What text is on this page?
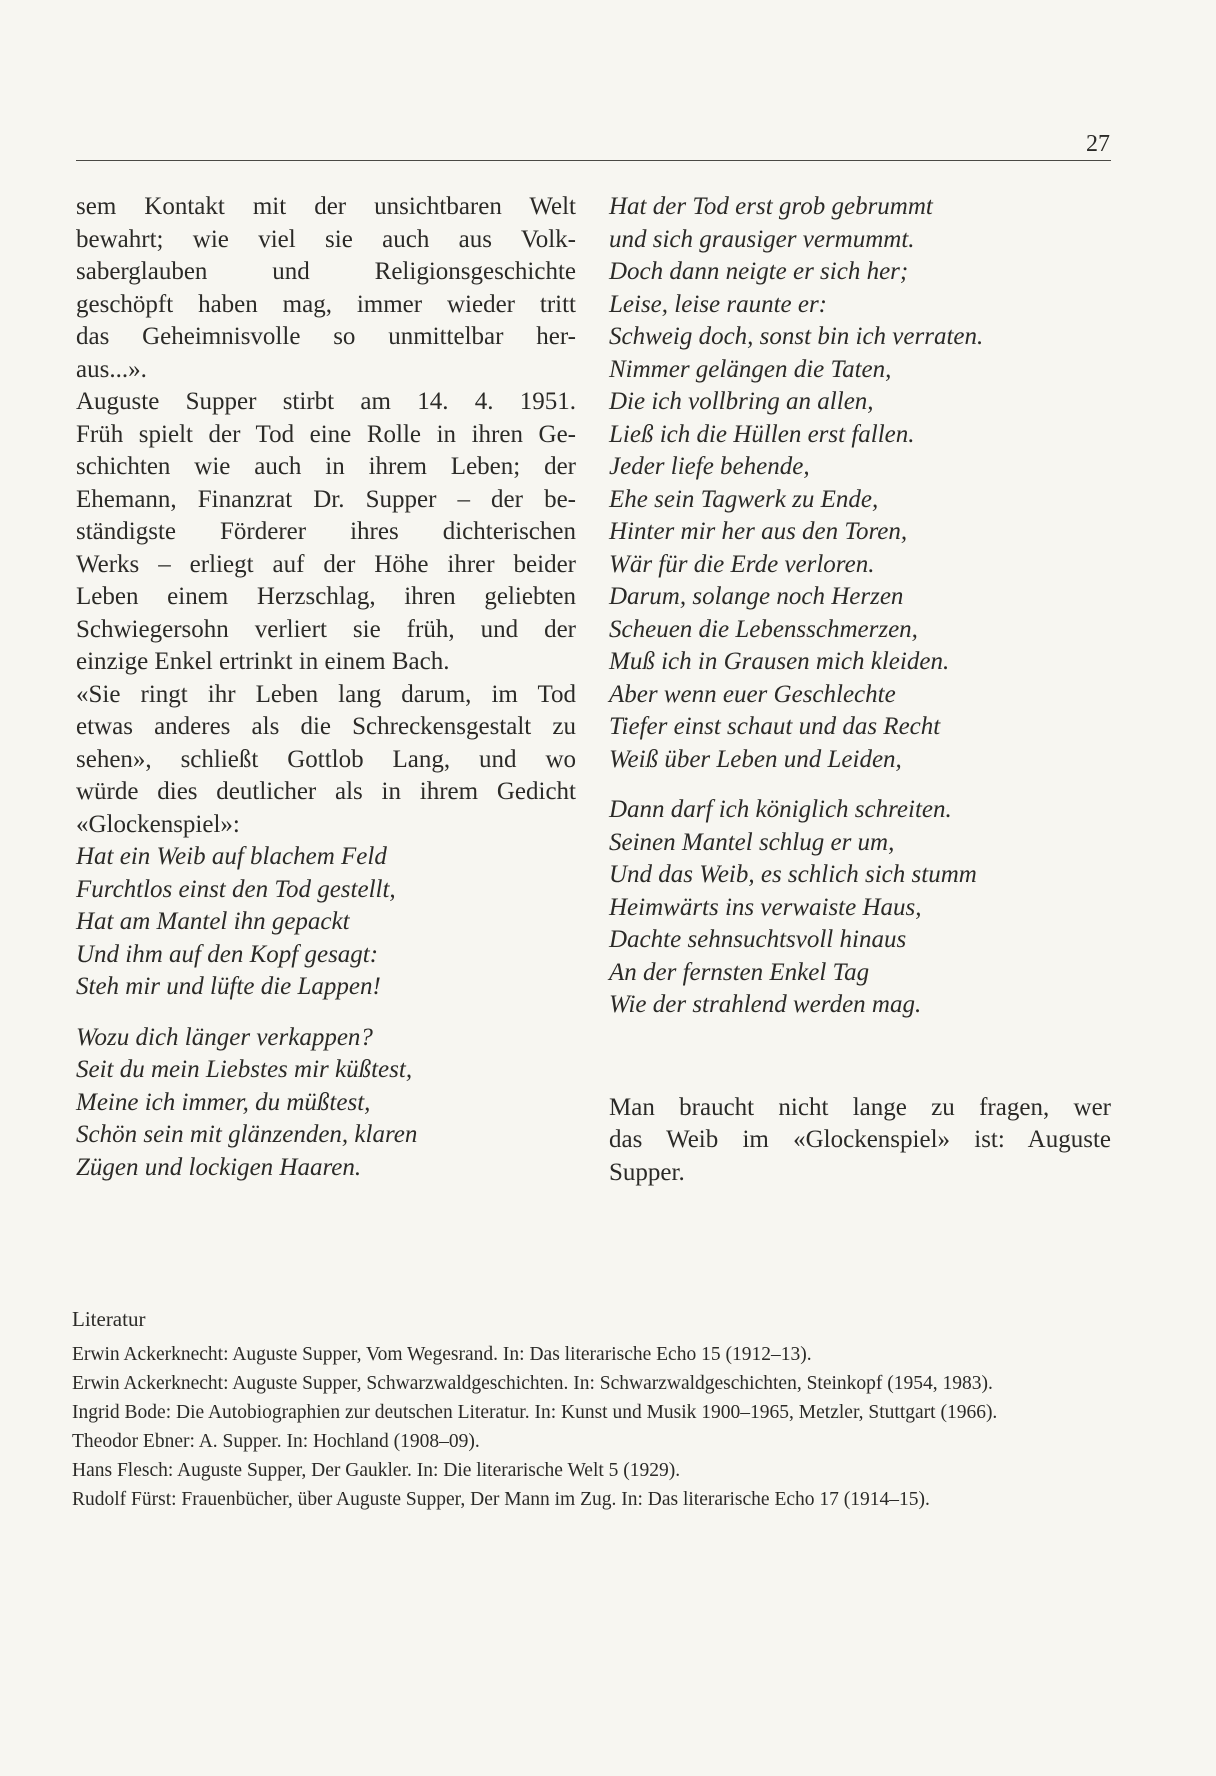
27
sem Kontakt mit der unsichtbaren Welt
bewahrt; wie viel sie auch aus Volk-
saberglauben und Religionsgeschichte
geschöpft haben mag, immer wieder tritt
das Geheimnisvolle so unmittelbar her-
aus...».
Auguste Supper stirbt am 14. 4. 1951.
Früh spielt der Tod eine Rolle in ihren Ge-
schichten wie auch in ihrem Leben; der
Ehemann, Finanzrat Dr. Supper – der be-
ständigste Förderer ihres dichterischen
Werks – erliegt auf der Höhe ihrer beider
Leben einem Herzschlag, ihren geliebten
Schwiegersohn verliert sie früh, und der
einzige Enkel ertrinkt in einem Bach.
«Sie ringt ihr Leben lang darum, im Tod
etwas anderes als die Schreckensgestalt zu
sehen», schließt Gottlob Lang, und wo
würde dies deutlicher als in ihrem Gedicht
«Glockenspiel»:
Hat ein Weib auf blachem Feld
Furchtlos einst den Tod gestellt,
Hat am Mantel ihn gepackt
Und ihm auf den Kopf gesagt:
Steh mir und lüfte die Lappen!
Wozu dich länger verkappen?
Seit du mein Liebstes mir küßtest,
Meine ich immer, du müßtest,
Schön sein mit glänzenden, klaren
Zügen und lockigen Haaren.
Hat der Tod erst grob gebrummt
und sich grausiger vermummt.
Doch dann neigte er sich her;
Leise, leise raunte er:
Schweig doch, sonst bin ich verraten.
Nimmer gelängen die Taten,
Die ich vollbring an allen,
Ließ ich die Hüllen erst fallen.
Jeder liefe behende,
Ehe sein Tagwerk zu Ende,
Hinter mir her aus den Toren,
Wär für die Erde verloren.
Darum, solange noch Herzen
Scheuen die Lebensschmerzen,
Muß ich in Grausen mich kleiden.
Aber wenn euer Geschlechte
Tiefer einst schaut und das Recht
Weiß über Leben und Leiden,
Dann darf ich königlich schreiten.
Seinen Mantel schlug er um,
Und das Weib, es schlich sich stumm
Heimwärts ins verwaiste Haus,
Dachte sehnsuchtsvoll hinaus
An der fernsten Enkel Tag
Wie der strahlend werden mag.
Man braucht nicht lange zu fragen, wer
das Weib im «Glockenspiel» ist: Auguste
Supper.
Literatur
Erwin Ackerknecht: Auguste Supper, Vom Wegesrand. In: Das literarische Echo 15 (1912–13).
Erwin Ackerknecht: Auguste Supper, Schwarzwaldgeschichten. In: Schwarzwaldgeschichten, Steinkopf (1954, 1983).
Ingrid Bode: Die Autobiographien zur deutschen Literatur. In: Kunst und Musik 1900–1965, Metzler, Stuttgart (1966).
Theodor Ebner: A. Supper. In: Hochland (1908–09).
Hans Flesch: Auguste Supper, Der Gaukler. In: Die literarische Welt 5 (1929).
Rudolf Fürst: Frauenbücher, über Auguste Supper, Der Mann im Zug. In: Das literarische Echo 17 (1914–15).
